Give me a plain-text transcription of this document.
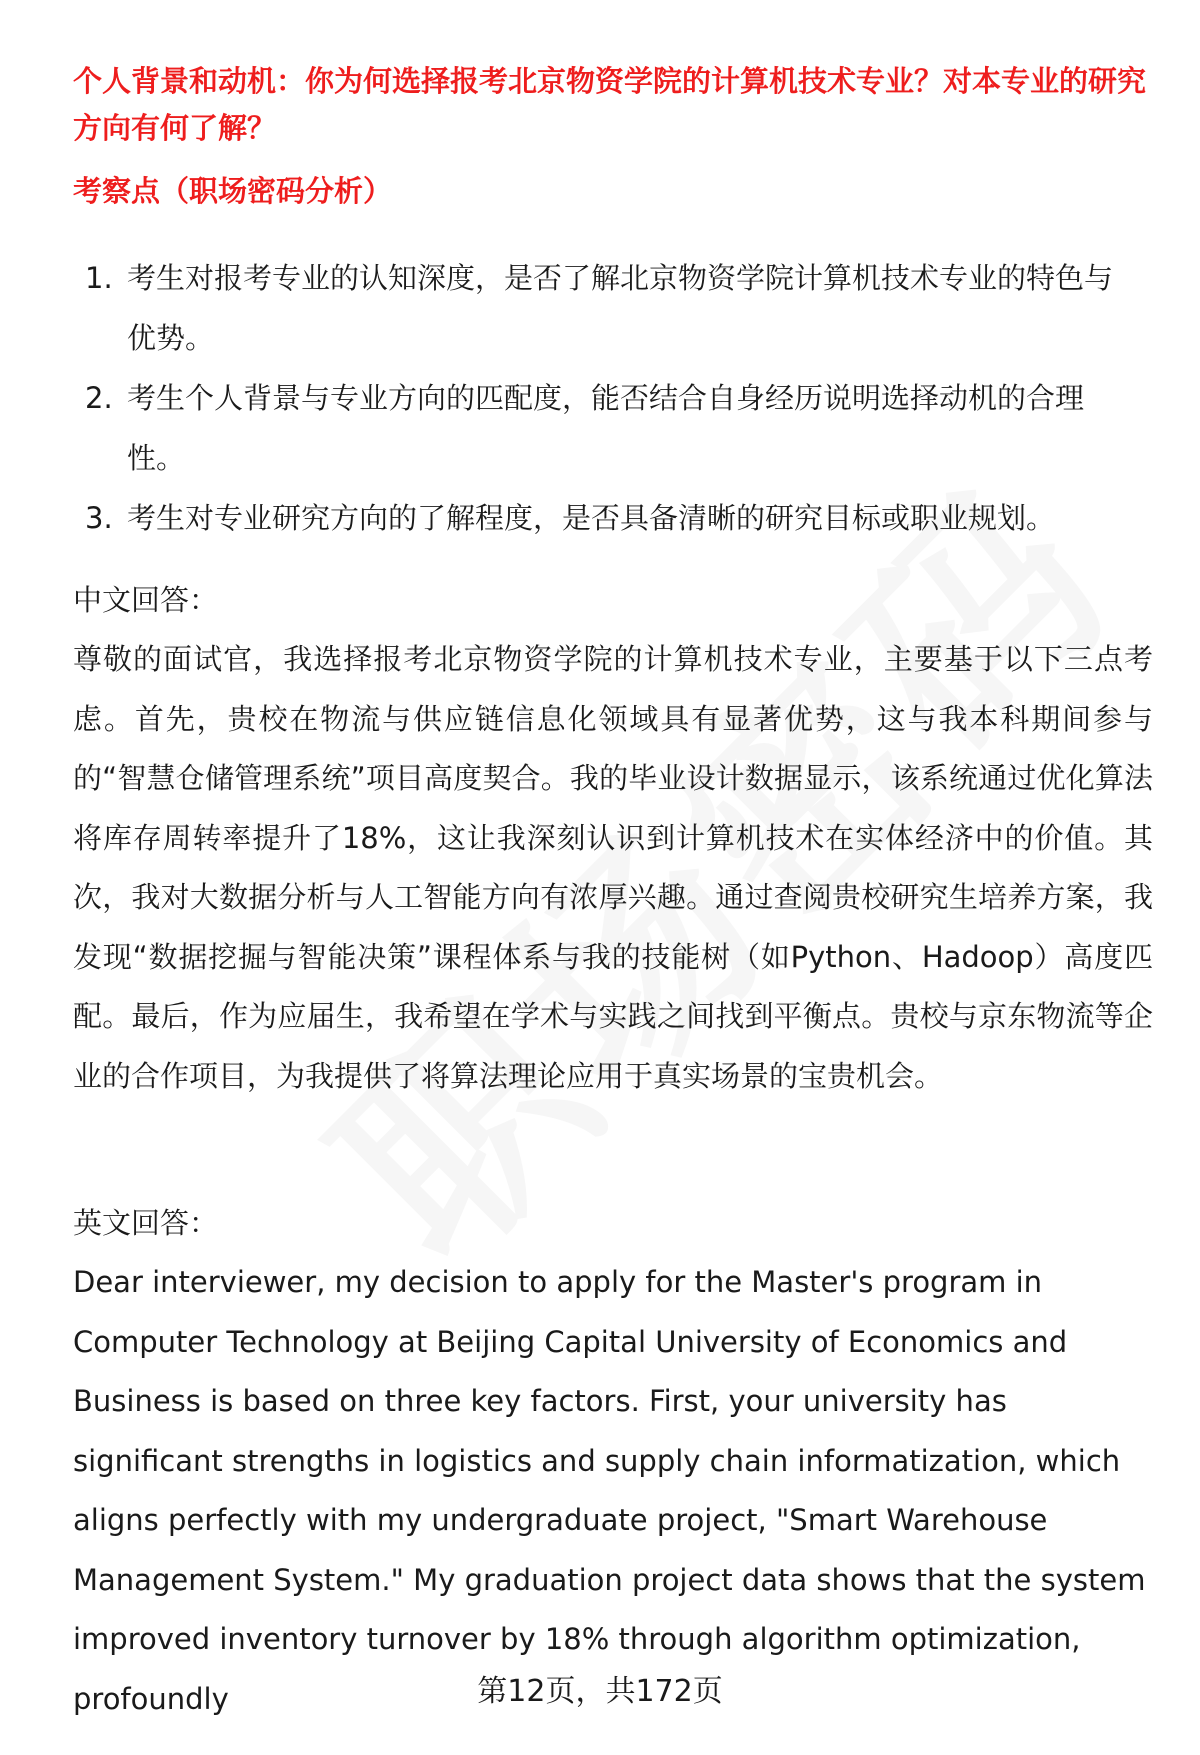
个人背景和动机：你为何选择报考北京物资学院的计算机技术专业？对本专业的研究方向有何了解？
考察点（职场密码分析）
1. 考生对报考专业的认知深度，是否了解北京物资学院计算机技术专业的特色与优势。
2. 考生个人背景与专业方向的匹配度，能否结合自身经历说明选择动机的合理性。
3. 考生对专业研究方向的了解程度，是否具备清晰的研究目标或职业规划。
中文回答：
尊敬的面试官，我选择报考北京物资学院的计算机技术专业，主要基于以下三点考虑。首先，贵校在物流与供应链信息化领域具有显著优势，这与我本科期间参与的“智慧仓储管理系统”项目高度契合。我的毕业设计数据显示，该系统通过优化算法将库存周转率提升了18%，这让我深刻认识到计算机技术在实体经济中的价值。其次，我对大数据分析与人工智能方向有浓厚兴趣。通过查阅贵校研究生培养方案，我发现“数据挖掘与智能决策”课程体系与我的技能树（如Python、Hadoop）高度匹配。最后，作为应届生，我希望在学术与实践之间找到平衡点。贵校与京东物流等企业的合作项目，为我提供了将算法理论应用于真实场景的宝贵机会。
英文回答：
Dear interviewer, my decision to apply for the Master's program in Computer Technology at Beijing Capital University of Economics and Business is based on three key factors. First, your university has significant strengths in logistics and supply chain informatization, which aligns perfectly with my undergraduate project, "Smart Warehouse Management System." My graduation project data shows that the system improved inventory turnover by 18% through algorithm optimization, profoundly	第12页，共172页
